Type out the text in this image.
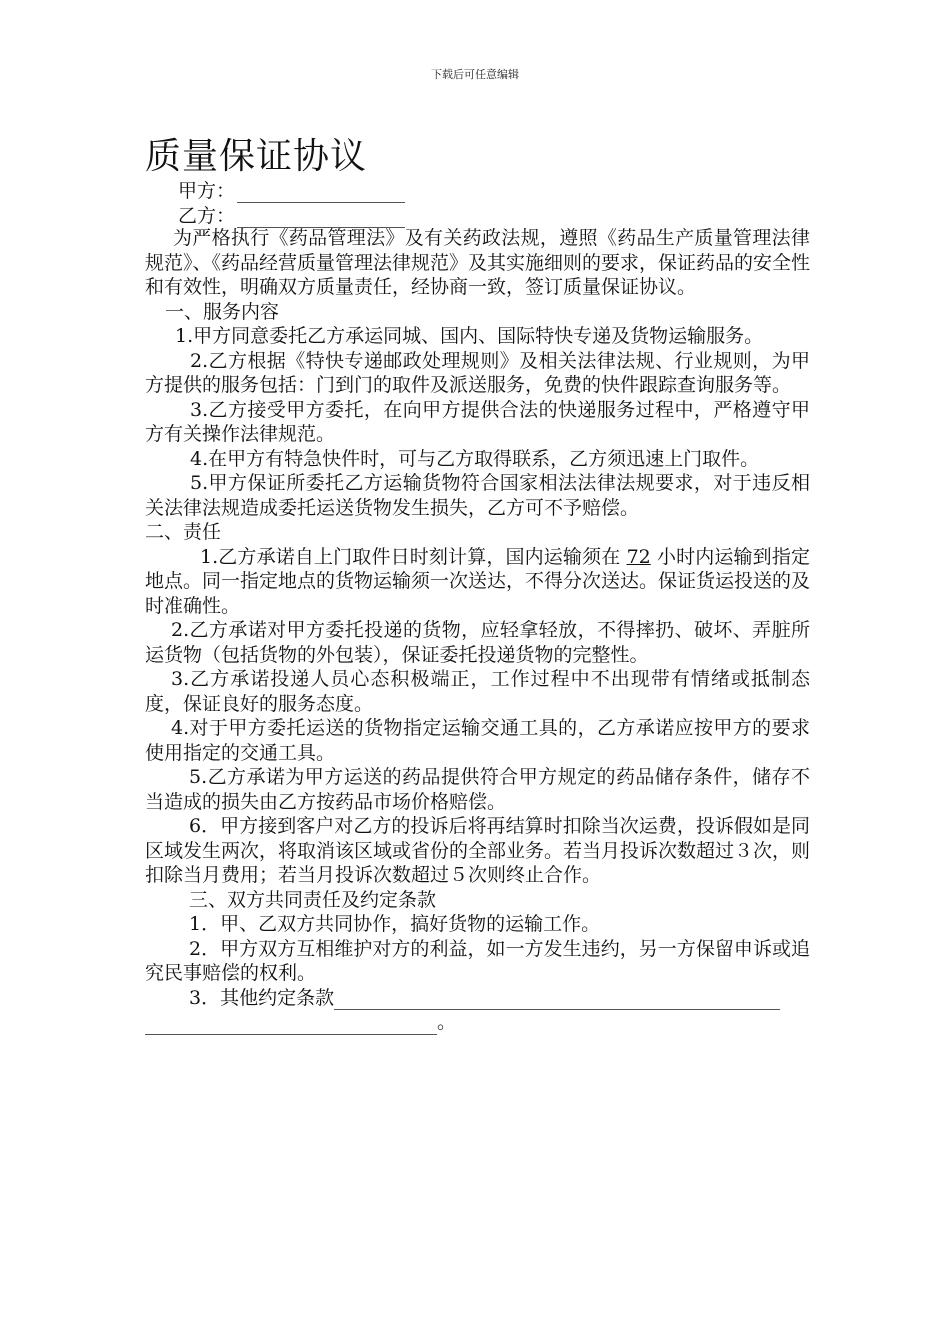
下载后可任意编辑
质量保证协议
甲方：
乙方：

为严格执行《药品管理法》及有关药政法规，遵照《药品生产质量管理法律规范》、《药品经营质量管理法律规范》及其实施细则的要求，保证药品的安全性和有效性，明确双方质量责任，经协商一致，签订质量保证协议。

一、服务内容

1.甲方同意委托乙方承运同城、国内、国际特快专递及货物运输服务。

2.乙方根据《特快专递邮政处理规则》及相关法律法规、行业规则，为甲方提供的服务包括：门到门的取件及派送服务，免费的快件跟踪查询服务等。

3.乙方接受甲方委托，在向甲方提供合法的快递服务过程中，严格遵守甲方有关操作法律规范。

4.在甲方有特急快件时，可与乙方取得联系，乙方须迅速上门取件。

5.甲方保证所委托乙方运输货物符合国家相法法律法规要求，对于违反相关法律法规造成委托运送货物发生损失，乙方可不予赔偿。

二、责任

1.乙方承诺自上门取件日时刻计算，国内运输须在 72 小时内运输到指定地点。同一指定地点的货物运输须一次送达，不得分次送达。保证货运投送的及时准确性。

2.乙方承诺对甲方委托投递的货物，应轻拿轻放，不得摔扔、破坏、弄脏所运货物（包括货物的外包装），保证委托投递货物的完整性。

3.乙方承诺投递人员心态积极端正，工作过程中不出现带有情绪或抵制态度，保证良好的服务态度。

4.对于甲方委托运送的货物指定运输交通工具的，乙方承诺应按甲方的要求使用指定的交通工具。

5.乙方承诺为甲方运送的药品提供符合甲方规定的药品储存条件，储存不当造成的损失由乙方按药品市场价格赔偿。

6．甲方接到客户对乙方的投诉后将再结算时扣除当次运费，投诉假如是同区域发生两次，将取消该区域或省份的全部业务。若当月投诉次数超过３次，则扣除当月费用；若当月投诉次数超过５次则终止合作。

三、双方共同责任及约定条款

1．甲、乙双方共同协作，搞好货物的运输工作。

2．甲方双方互相维护对方的利益，如一方发生违约，另一方保留申诉或追究民事赔偿的权利。

3．其他约定条款

。
